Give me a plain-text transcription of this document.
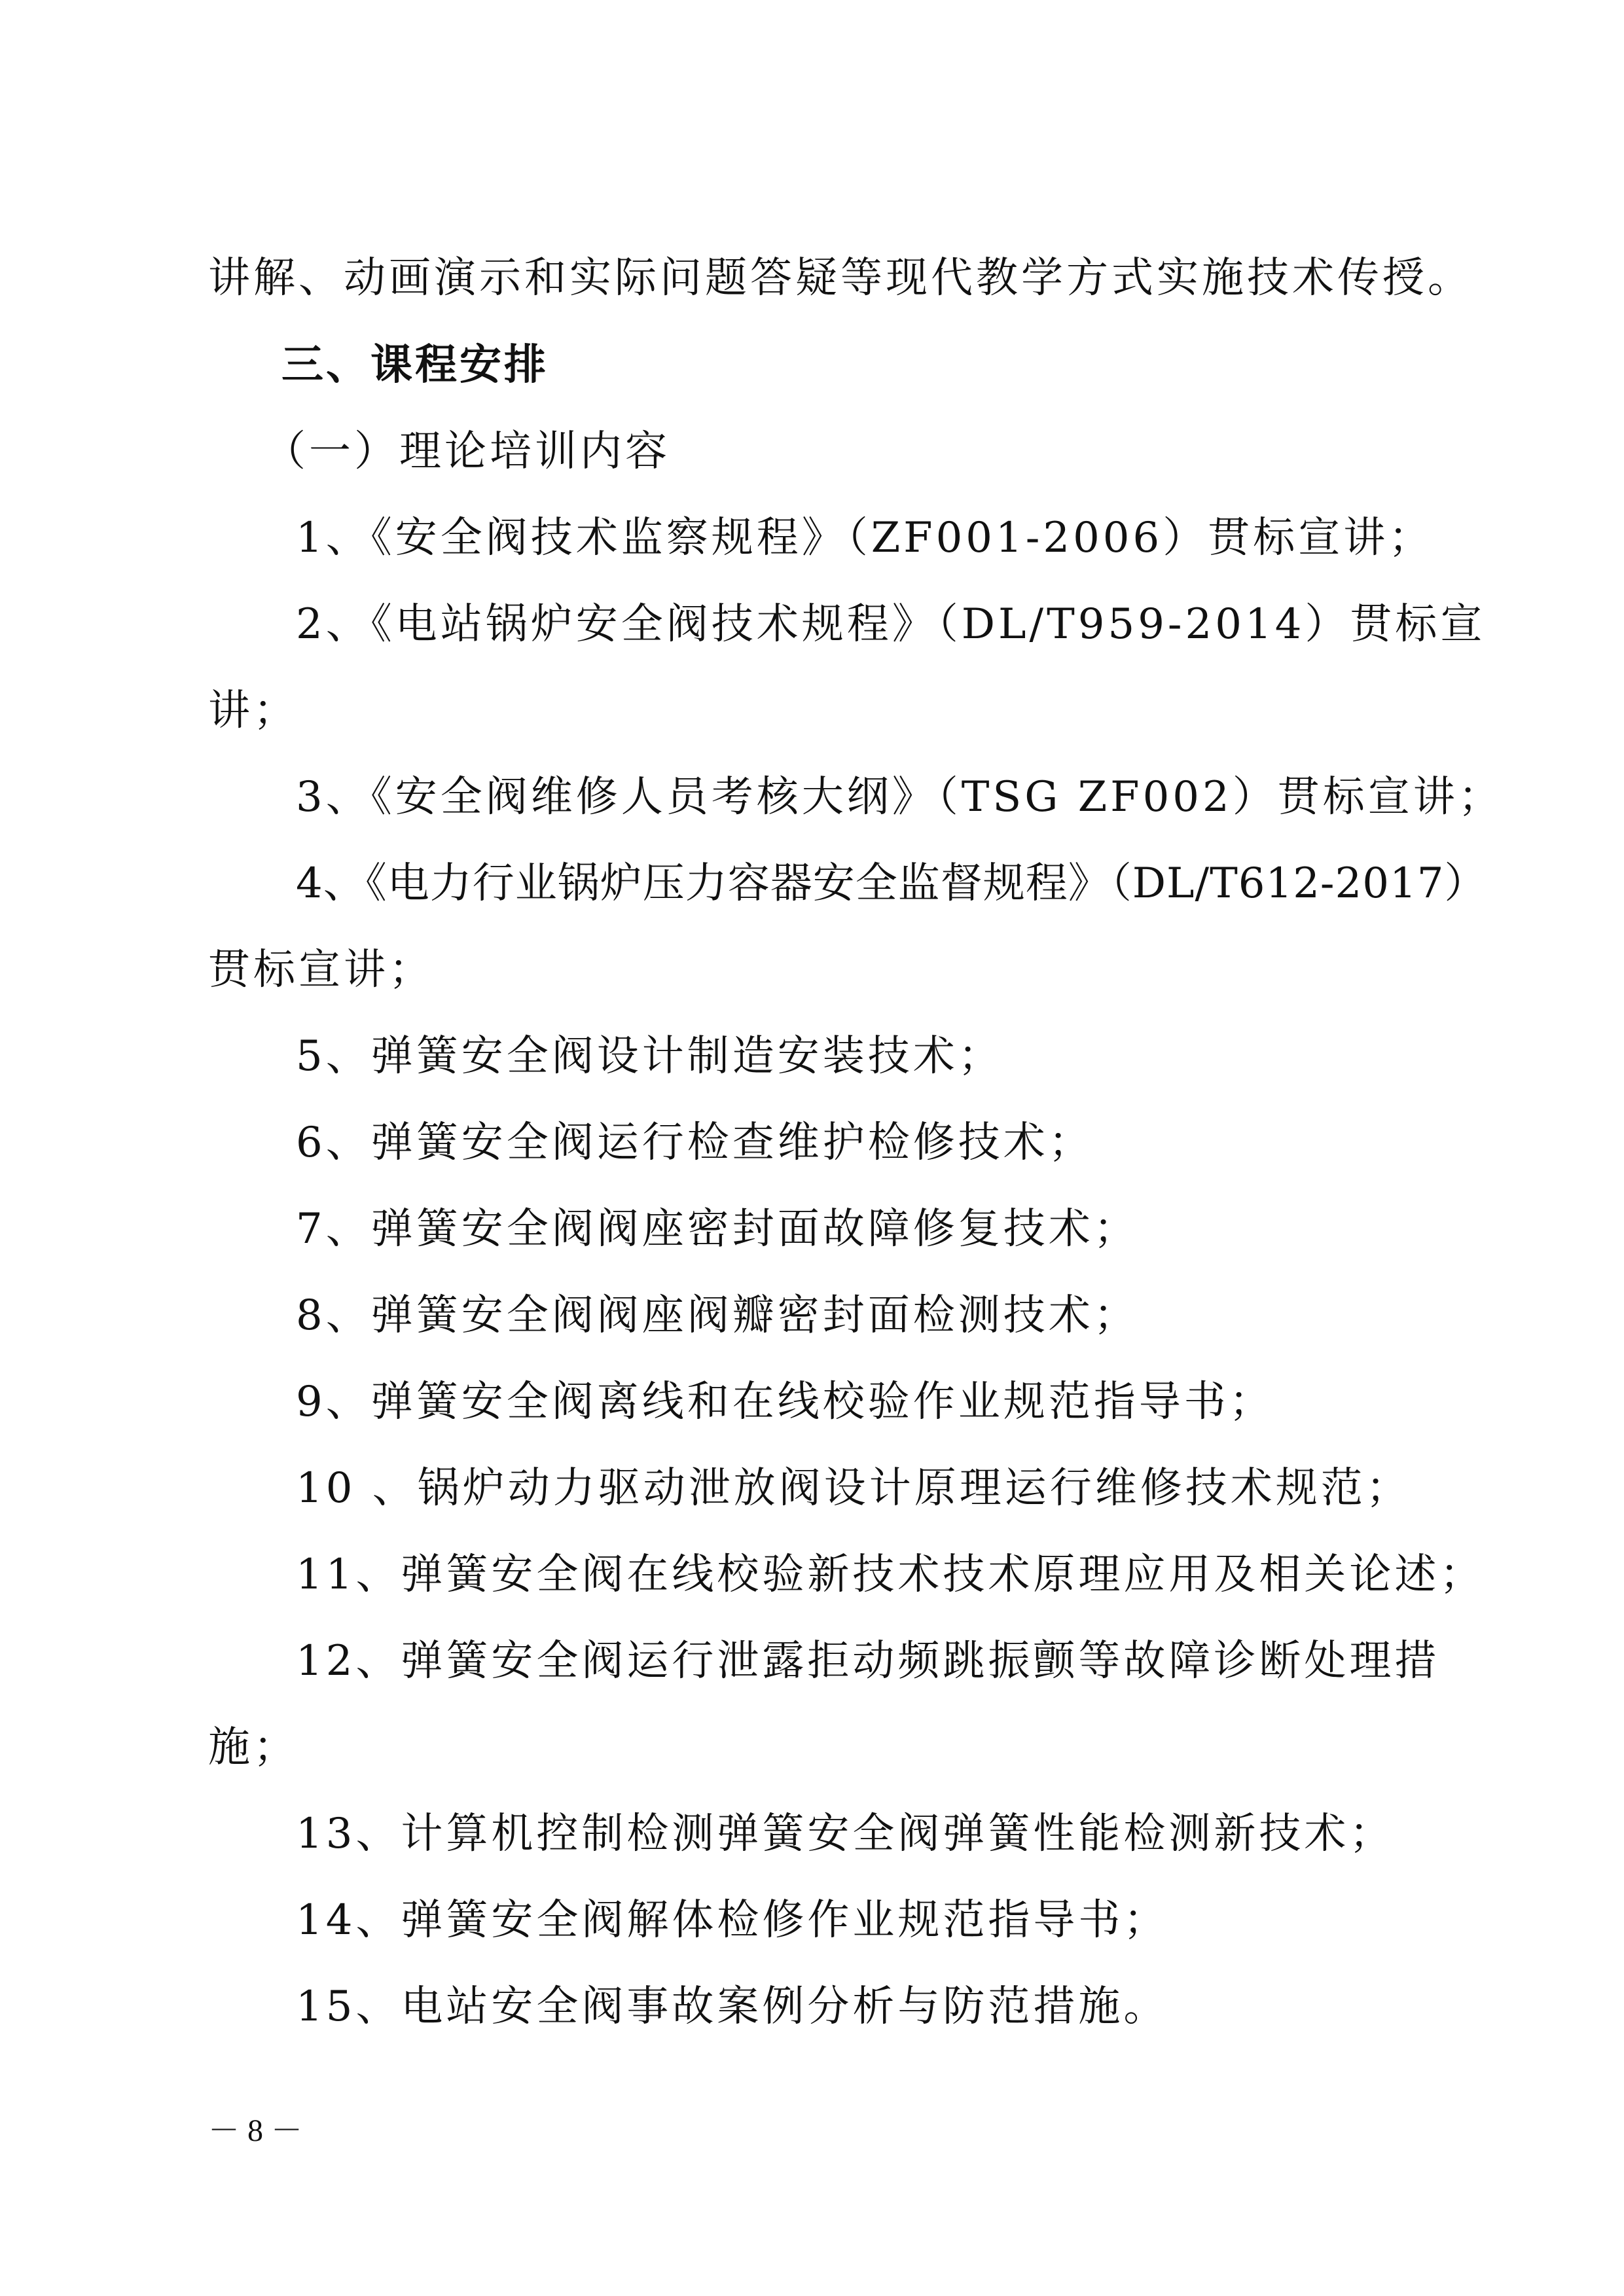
讲解、动画演示和实际问题答疑等现代教学方式实施技术传授。
三、课程安排
（一）理论培训内容
1、《安全阀技术监察规程》（ZF001-2006）贯标宣讲；
2、《电站锅炉安全阀技术规程》（DL/T959-2014）贯标宣
讲；
3、《安全阀维修人员考核大纲》（TSG ZF002）贯标宣讲；
4、《电力行业锅炉压力容器安全监督规程》（DL/T612-2017）
贯标宣讲；
5、弹簧安全阀设计制造安装技术；
6、弹簧安全阀运行检查维护检修技术；
7、弹簧安全阀阀座密封面故障修复技术；
8、弹簧安全阀阀座阀瓣密封面检测技术；
9、弹簧安全阀离线和在线校验作业规范指导书；
10 、锅炉动力驱动泄放阀设计原理运行维修技术规范；
11、弹簧安全阀在线校验新技术技术原理应用及相关论述；
12、弹簧安全阀运行泄露拒动频跳振颤等故障诊断处理措
施；
13、计算机控制检测弹簧安全阀弹簧性能检测新技术；
14、弹簧安全阀解体检修作业规范指导书；
15、电站安全阀事故案例分析与防范措施。
－ 8 －
